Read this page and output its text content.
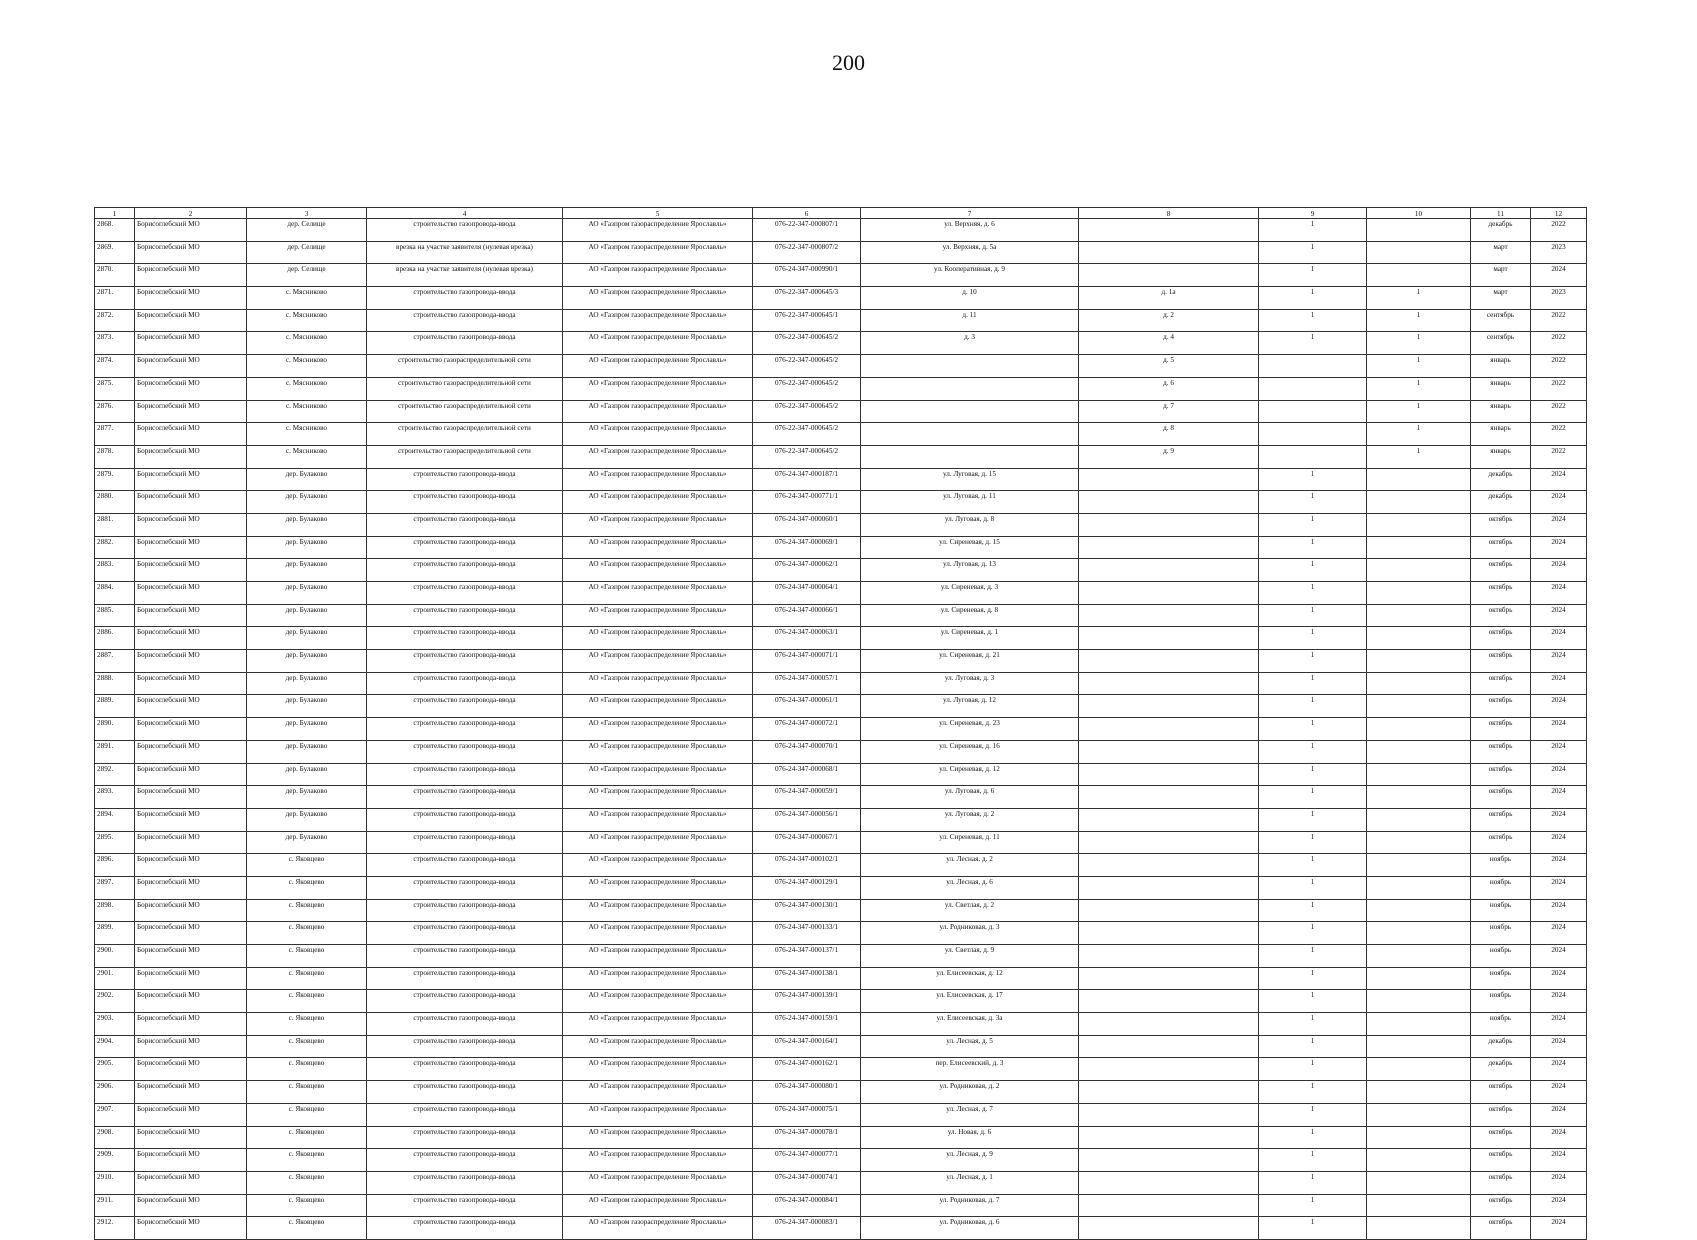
200
1	2	3	4	5	6	7	8	9	10	11	12
2868.	Борисоглебский МО	дер. Селище	строительство газопровода-ввода	АО «Газпром газораспределение Ярославль»	076-22-347-000807/1	ул. Верхняя, д. 6		1		декабрь	2022
2869.	Борисоглебский МО	дер. Селище	врезка на участке заявителя (нулевая врезка)	АО «Газпром газораспределение Ярославль»	076-22-347-000807/2	ул. Верхняя, д. 5а		1		март	2023
2870.	Борисоглебский МО	дер. Селище	врезка на участке заявителя (нулевая врезка)	АО «Газпром газораспределение Ярославль»	076-24-347-000990/1	ул. Кооперативная, д. 9		1		март	2024
2871.	Борисоглебский МО	с. Мясниково	строительство газопровода-ввода	АО «Газпром газораспределение Ярославль»	076-22-347-000645/3	д. 10	д. 1а	1	1	март	2023
2872.	Борисоглебский МО	с. Мясниково	строительство газопровода-ввода	АО «Газпром газораспределение Ярославль»	076-22-347-000645/1	д. 11	д. 2	1	1	сентябрь	2022
2873.	Борисоглебский МО	с. Мясниково	строительство газопровода-ввода	АО «Газпром газораспределение Ярославль»	076-22-347-000645/2	д. 3	д. 4	1	1	сентябрь	2022
2874.	Борисоглебский МО	с. Мясниково	строительство газораспределительной сети	АО «Газпром газораспределение Ярославль»	076-22-347-000645/2		д. 5		1	январь	2022
2875.	Борисоглебский МО	с. Мясниково	строительство газораспределительной сети	АО «Газпром газораспределение Ярославль»	076-22-347-000645/2		д. 6		1	январь	2022
2876.	Борисоглебский МО	с. Мясниково	строительство газораспределительной сети	АО «Газпром газораспределение Ярославль»	076-22-347-000645/2		д. 7		1	январь	2022
2877.	Борисоглебский МО	с. Мясниково	строительство газораспределительной сети	АО «Газпром газораспределение Ярославль»	076-22-347-000645/2		д. 8		1	январь	2022
2878.	Борисоглебский МО	с. Мясниково	строительство газораспределительной сети	АО «Газпром газораспределение Ярославль»	076-22-347-000645/2		д. 9		1	январь	2022
2879.	Борисоглебский МО	дер. Булаково	строительство газопровода-ввода	АО «Газпром газораспределение Ярославль»	076-24-347-000187/1	ул. Луговая, д. 15		1		декабрь	2024
2880.	Борисоглебский МО	дер. Булаково	строительство газопровода-ввода	АО «Газпром газораспределение Ярославль»	076-24-347-000771/1	ул. Луговая, д. 11		1		декабрь	2024
2881.	Борисоглебский МО	дер. Булаково	строительство газопровода-ввода	АО «Газпром газораспределение Ярославль»	076-24-347-000060/1	ул. Луговая, д. 8		1		октябрь	2024
2882.	Борисоглебский МО	дер. Булаково	строительство газопровода-ввода	АО «Газпром газораспределение Ярославль»	076-24-347-000069/1	ул. Сиреневая, д. 15		1		октябрь	2024
2883.	Борисоглебский МО	дер. Булаково	строительство газопровода-ввода	АО «Газпром газораспределение Ярославль»	076-24-347-000062/1	ул. Луговая, д. 13		1		октябрь	2024
2884.	Борисоглебский МО	дер. Булаково	строительство газопровода-ввода	АО «Газпром газораспределение Ярославль»	076-24-347-000064/1	ул. Сиреневая, д. 3		1		октябрь	2024
2885.	Борисоглебский МО	дер. Булаково	строительство газопровода-ввода	АО «Газпром газораспределение Ярославль»	076-24-347-000066/1	ул. Сиреневая, д. 8		1		октябрь	2024
2886.	Борисоглебский МО	дер. Булаково	строительство газопровода-ввода	АО «Газпром газораспределение Ярославль»	076-24-347-000063/1	ул. Сиреневая, д. 1		1		октябрь	2024
2887.	Борисоглебский МО	дер. Булаково	строительство газопровода-ввода	АО «Газпром газораспределение Ярославль»	076-24-347-000071/1	ул. Сиреневая, д. 21		1		октябрь	2024
2888.	Борисоглебский МО	дер. Булаково	строительство газопровода-ввода	АО «Газпром газораспределение Ярославль»	076-24-347-000057/1	ул. Луговая, д. 3		1		октябрь	2024
2889.	Борисоглебский МО	дер. Булаково	строительство газопровода-ввода	АО «Газпром газораспределение Ярославль»	076-24-347-000061/1	ул. Луговая, д. 12		1		октябрь	2024
2890.	Борисоглебский МО	дер. Булаково	строительство газопровода-ввода	АО «Газпром газораспределение Ярославль»	076-24-347-000072/1	ул. Сиреневая, д. 23		1		октябрь	2024
2891.	Борисоглебский МО	дер. Булаково	строительство газопровода-ввода	АО «Газпром газораспределение Ярославль»	076-24-347-000070/1	ул. Сиреневая, д. 16		1		октябрь	2024
2892.	Борисоглебский МО	дер. Булаково	строительство газопровода-ввода	АО «Газпром газораспределение Ярославль»	076-24-347-000068/1	ул. Сиреневая, д. 12		1		октябрь	2024
2893.	Борисоглебский МО	дер. Булаково	строительство газопровода-ввода	АО «Газпром газораспределение Ярославль»	076-24-347-000059/1	ул. Луговая, д. 6		1		октябрь	2024
2894.	Борисоглебский МО	дер. Булаково	строительство газопровода-ввода	АО «Газпром газораспределение Ярославль»	076-24-347-000056/1	ул. Луговая, д. 2		1		октябрь	2024
2895.	Борисоглебский МО	дер. Булаково	строительство газопровода-ввода	АО «Газпром газораспределение Ярославль»	076-24-347-000067/1	ул. Сиреневая, д. 11		1		октябрь	2024
2896.	Борисоглебский МО	с. Яковцево	строительство газопровода-ввода	АО «Газпром газораспределение Ярославль»	076-24-347-000102/1	ул. Лесная, д. 2		1		ноябрь	2024
2897.	Борисоглебский МО	с. Яковцево	строительство газопровода-ввода	АО «Газпром газораспределение Ярославль»	076-24-347-000129/1	ул. Лесная, д. 6		1		ноябрь	2024
2898.	Борисоглебский МО	с. Яковцево	строительство газопровода-ввода	АО «Газпром газораспределение Ярославль»	076-24-347-000130/1	ул. Светлая, д. 2		1		ноябрь	2024
2899.	Борисоглебский МО	с. Яковцево	строительство газопровода-ввода	АО «Газпром газораспределение Ярославль»	076-24-347-000133/1	ул. Родниковая, д. 3		1		ноябрь	2024
2900.	Борисоглебский МО	с. Яковцево	строительство газопровода-ввода	АО «Газпром газораспределение Ярославль»	076-24-347-000137/1	ул. Светлая, д. 9		1		ноябрь	2024
2901.	Борисоглебский МО	с. Яковцево	строительство газопровода-ввода	АО «Газпром газораспределение Ярославль»	076-24-347-000138/1	ул. Елисеевская, д. 12		1		ноябрь	2024
2902.	Борисоглебский МО	с. Яковцево	строительство газопровода-ввода	АО «Газпром газораспределение Ярославль»	076-24-347-000139/1	ул. Елисеевская, д. 17		1		ноябрь	2024
2903.	Борисоглебский МО	с. Яковцево	строительство газопровода-ввода	АО «Газпром газораспределение Ярославль»	076-24-347-000159/1	ул. Елисеевская, д. 3а		1		ноябрь	2024
2904.	Борисоглебский МО	с. Яковцево	строительство газопровода-ввода	АО «Газпром газораспределение Ярославль»	076-24-347-000164/1	ул. Лесная, д. 5		1		декабрь	2024
2905.	Борисоглебский МО	с. Яковцево	строительство газопровода-ввода	АО «Газпром газораспределение Ярославль»	076-24-347-000162/1	пер. Елисеевский, д. 3		1		декабрь	2024
2906.	Борисоглебский МО	с. Яковцево	строительство газопровода-ввода	АО «Газпром газораспределение Ярославль»	076-24-347-000080/1	ул. Родниковая, д. 2		1		октябрь	2024
2907.	Борисоглебский МО	с. Яковцево	строительство газопровода-ввода	АО «Газпром газораспределение Ярославль»	076-24-347-000075/1	ул. Лесная, д. 7		1		октябрь	2024
2908.	Борисоглебский МО	с. Яковцево	строительство газопровода-ввода	АО «Газпром газораспределение Ярославль»	076-24-347-000078/1	ул. Новая, д. 6		1		октябрь	2024
2909.	Борисоглебский МО	с. Яковцево	строительство газопровода-ввода	АО «Газпром газораспределение Ярославль»	076-24-347-000077/1	ул. Лесная, д. 9		1		октябрь	2024
2910.	Борисоглебский МО	с. Яковцево	строительство газопровода-ввода	АО «Газпром газораспределение Ярославль»	076-24-347-000074/1	ул. Лесная, д. 1		1		октябрь	2024
2911.	Борисоглебский МО	с. Яковцево	строительство газопровода-ввода	АО «Газпром газораспределение Ярославль»	076-24-347-000084/1	ул. Родниковая, д. 7		1		октябрь	2024
2912.	Борисоглебский МО	с. Яковцево	строительство газопровода-ввода	АО «Газпром газораспределение Ярославль»	076-24-347-000083/1	ул. Родниковая, д. 6		1		октябрь	2024
